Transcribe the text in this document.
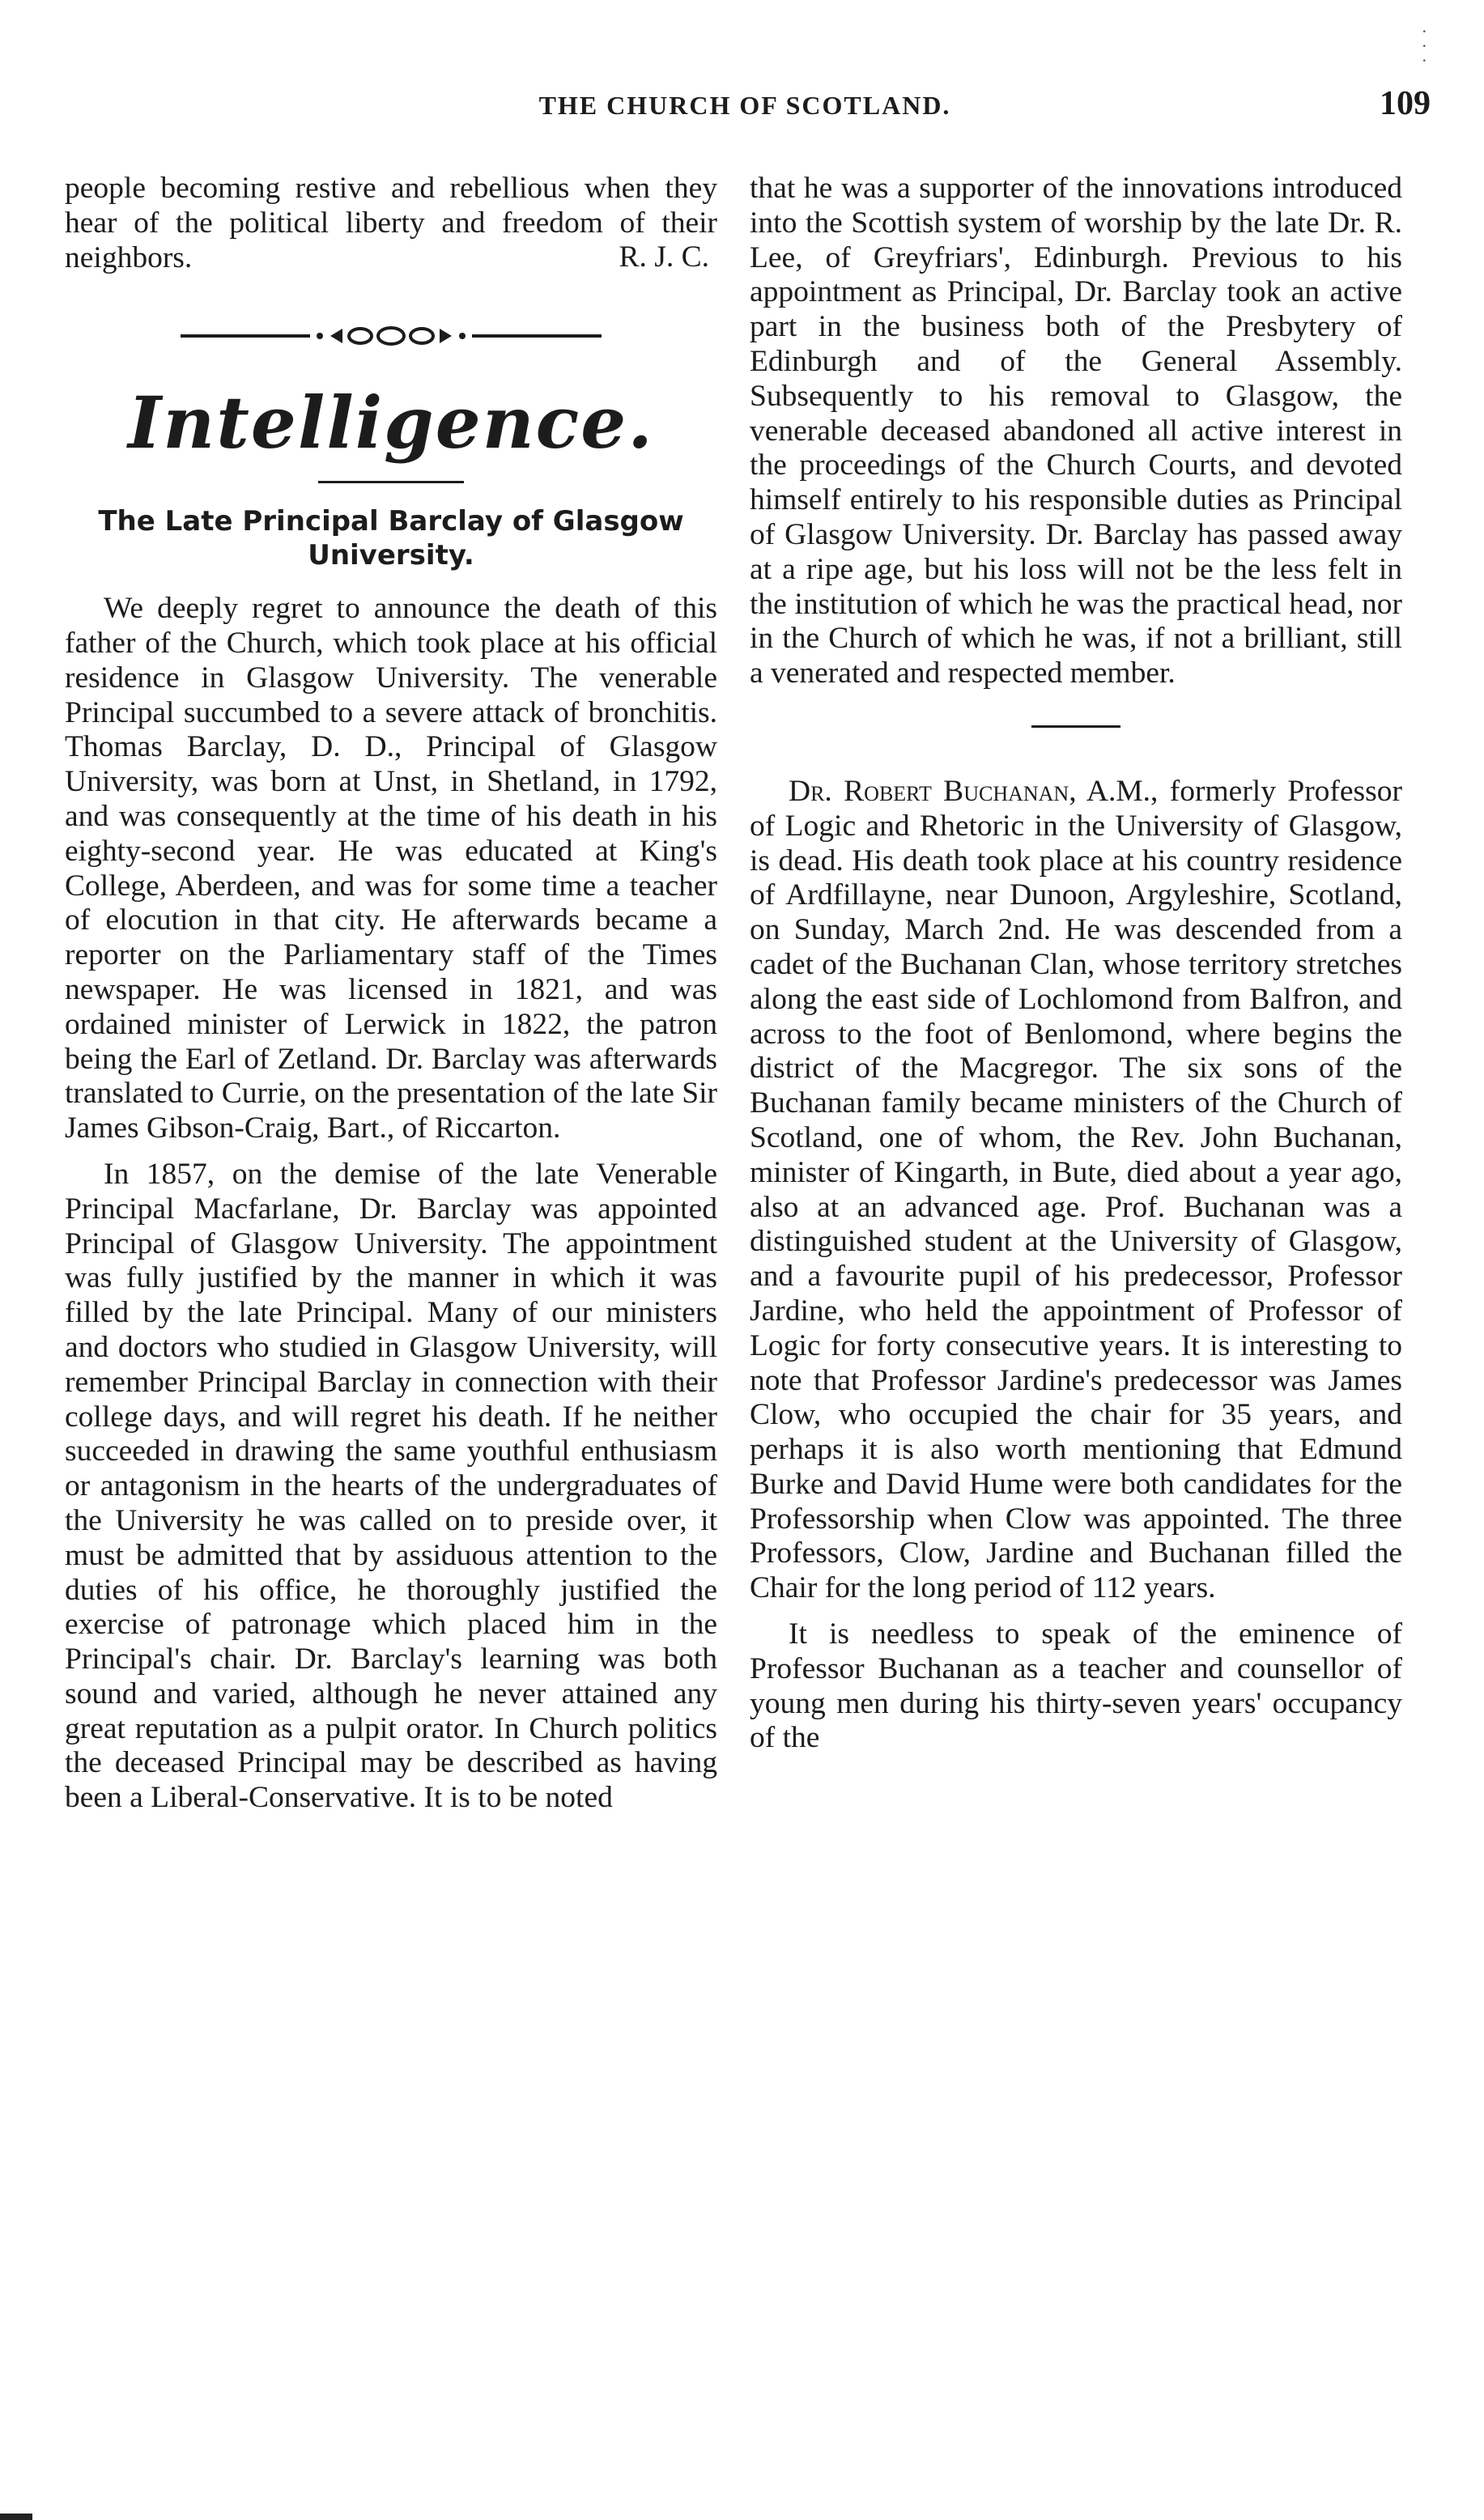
·
·
·
THE CHURCH OF SCOTLAND.	109

people becoming restive and rebellious when they hear of the political liberty and freedom of their neighbors.	R. J. C.
Intelligence.
The Late Principal Barclay of Glasgow University.

We deeply regret to announce the death of this father of the Church, which took place at his official residence in Glasgow University. The venerable Principal succumbed to a severe attack of bronchitis. Thomas Barclay, D. D., Principal of Glasgow University, was born at Unst, in Shetland, in 1792, and was consequently at the time of his death in his eighty-second year. He was educated at King's College, Aberdeen, and was for some time a teacher of elocution in that city. He afterwards became a reporter on the Parliamentary staff of the Times newspaper. He was licensed in 1821, and was ordained minister of Lerwick in 1822, the patron being the Earl of Zetland. Dr. Barclay was afterwards translated to Currie, on the presentation of the late Sir James Gibson-Craig, Bart., of Riccarton.

In 1857, on the demise of the late Venerable Principal Macfarlane, Dr. Barclay was appointed Principal of Glasgow University. The appointment was fully justified by the manner in which it was filled by the late Principal. Many of our ministers and doctors who studied in Glasgow University, will remember Principal Barclay in connection with their college days, and will regret his death. If he neither succeeded in drawing the same youthful enthusiasm or antagonism in the hearts of the undergraduates of the University he was called on to preside over, it must be admitted that by assiduous attention to the duties of his office, he thoroughly justified the exercise of patronage which placed him in the Principal's chair. Dr. Barclay's learning was both sound and varied, although he never attained any great reputation as a pulpit orator. In Church politics the deceased Principal may be described as having been a Liberal-Conservative. It is to be noted

that he was a supporter of the innovations introduced into the Scottish system of worship by the late Dr. R. Lee, of Greyfriars', Edinburgh. Previous to his appointment as Principal, Dr. Barclay took an active part in the business both of the Presbytery of Edinburgh and of the General Assembly. Subsequently to his removal to Glasgow, the venerable deceased abandoned all active interest in the proceedings of the Church Courts, and devoted himself entirely to his responsible duties as Principal of Glasgow University. Dr. Barclay has passed away at a ripe age, but his loss will not be the less felt in the institution of which he was the practical head, nor in the Church of which he was, if not a brilliant, still a venerated and respected member.

Dr. Robert Buchanan, A.M., formerly Professor of Logic and Rhetoric in the University of Glasgow, is dead. His death took place at his country residence of Ardfillayne, near Dunoon, Argyleshire, Scotland, on Sunday, March 2nd. He was descended from a cadet of the Buchanan Clan, whose territory stretches along the east side of Lochlomond from Balfron, and across to the foot of Benlomond, where begins the district of the Macgregor. The six sons of the Buchanan family became ministers of the Church of Scotland, one of whom, the Rev. John Buchanan, minister of Kingarth, in Bute, died about a year ago, also at an advanced age. Prof. Buchanan was a distinguished student at the University of Glasgow, and a favourite pupil of his predecessor, Professor Jardine, who held the appointment of Professor of Logic for forty consecutive years. It is interesting to note that Professor Jardine's predecessor was James Clow, who occupied the chair for 35 years, and perhaps it is also worth mentioning that Edmund Burke and David Hume were both candidates for the Professorship when Clow was appointed. The three Professors, Clow, Jardine and Buchanan filled the Chair for the long period of 112 years.

It is needless to speak of the eminence of Professor Buchanan as a teacher and counsellor of young men during his thirty-seven years' occupancy of the
